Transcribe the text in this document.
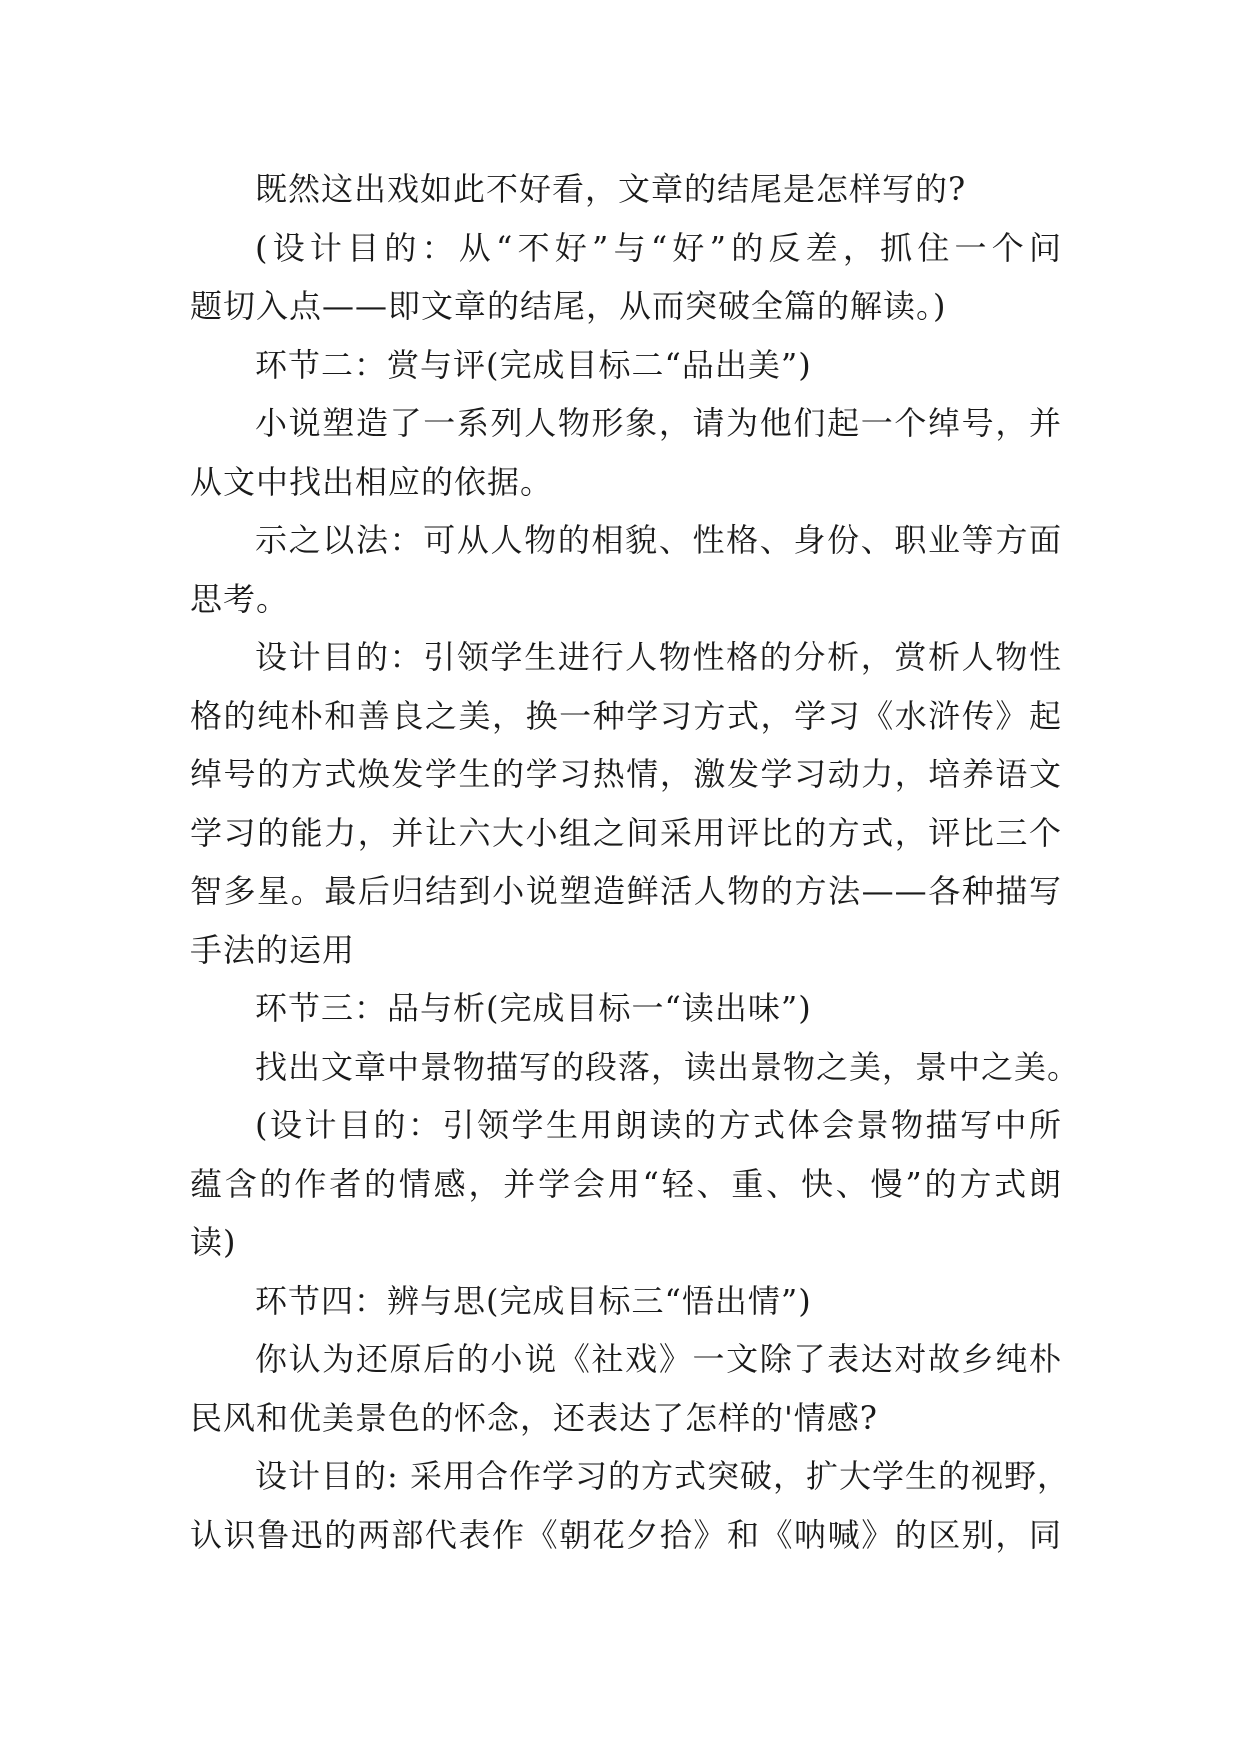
既然这出戏如此不好看，文章的结尾是怎样写的?
(设计目的：从“不好”与“好”的反差，抓住一个问
题切入点——即文章的结尾，从而突破全篇的解读。)
环节二：赏与评(完成目标二“品出美”)
小说塑造了一系列人物形象，请为他们起一个绰号，并
从文中找出相应的依据。
示之以法：可从人物的相貌、性格、身份、职业等方面
思考。
设计目的：引领学生进行人物性格的分析，赏析人物性
格的纯朴和善良之美，换一种学习方式，学习《水浒传》起
绰号的方式焕发学生的学习热情，激发学习动力，培养语文
学习的能力，并让六大小组之间采用评比的方式，评比三个
智多星。最后归结到小说塑造鲜活人物的方法——各种描写
手法的运用
环节三：品与析(完成目标一“读出味”)
找出文章中景物描写的段落，读出景物之美，景中之美。
(设计目的：引领学生用朗读的方式体会景物描写中所
蕴含的作者的情感，并学会用“轻、重、快、慢”的方式朗
读)
环节四：辨与思(完成目标三“悟出情”)
你认为还原后的小说《社戏》一文除了表达对故乡纯朴
民风和优美景色的怀念，还表达了怎样的'情感?
设计目的: 采用合作学习的方式突破，扩大学生的视野，
认识鲁迅的两部代表作《朝花夕拾》和《呐喊》的区别，同
